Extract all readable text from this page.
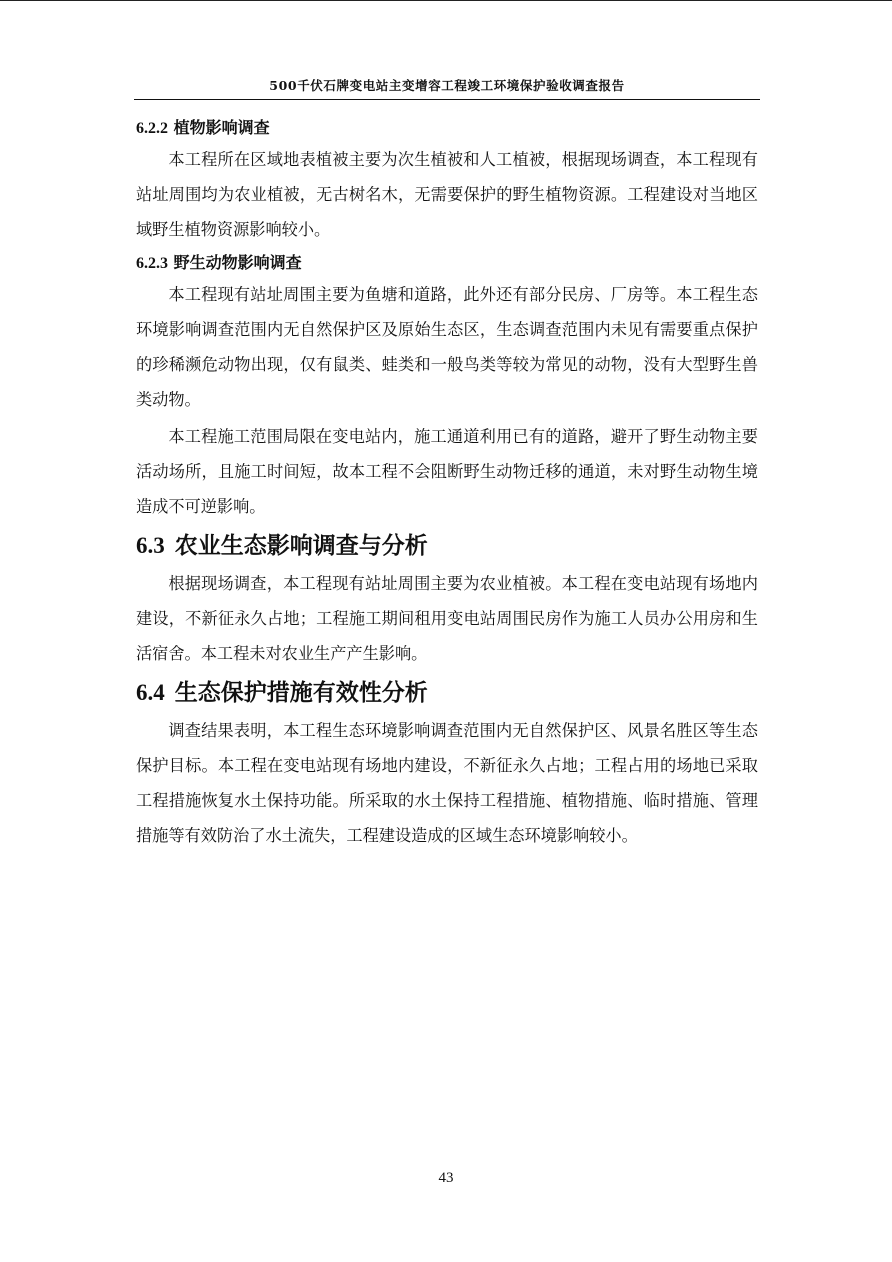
500千伏石牌变电站主变增容工程竣工环境保护验收调查报告
6.2.2 植物影响调查

本工程所在区域地表植被主要为次生植被和人工植被，根据现场调查，本工程现有站址周围均为农业植被，无古树名木，无需要保护的野生植物资源。工程建设对当地区域野生植物资源影响较小。

6.2.3 野生动物影响调查

本工程现有站址周围主要为鱼塘和道路，此外还有部分民房、厂房等。本工程生态环境影响调查范围内无自然保护区及原始生态区，生态调查范围内未见有需要重点保护的珍稀濒危动物出现，仅有鼠类、蛙类和一般鸟类等较为常见的动物，没有大型野生兽类动物。

本工程施工范围局限在变电站内，施工通道利用已有的道路，避开了野生动物主要活动场所，且施工时间短，故本工程不会阻断野生动物迁移的通道，未对野生动物生境造成不可逆影响。

6.3 农业生态影响调查与分析

根据现场调查，本工程现有站址周围主要为农业植被。本工程在变电站现有场地内建设，不新征永久占地；工程施工期间租用变电站周围民房作为施工人员办公用房和生活宿舍。本工程未对农业生产产生影响。

6.4 生态保护措施有效性分析

调查结果表明，本工程生态环境影响调查范围内无自然保护区、风景名胜区等生态保护目标。本工程在变电站现有场地内建设，不新征永久占地；工程占用的场地已采取工程措施恢复水土保持功能。所采取的水土保持工程措施、植物措施、临时措施、管理措施等有效防治了水土流失，工程建设造成的区域生态环境影响较小。

43
